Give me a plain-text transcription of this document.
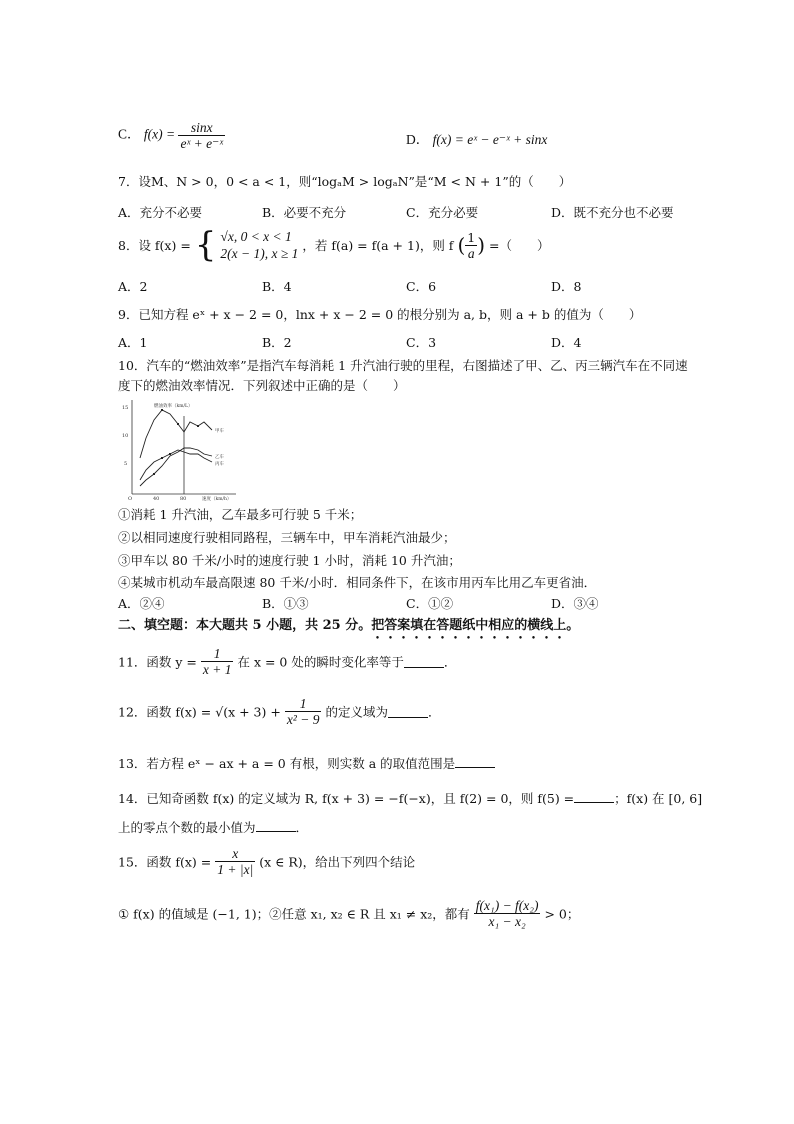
C． $f(x) = \frac{\sin x}{\text{eˣ + e⁻ˣ}}$	D． f(x) = eˣ − e⁻ˣ + sinx
7．设M、N > 0，0 < a < 1，则“logₐM > logₐN”是“M < N + 1”的（　　）
A．充分不必要	B．必要不充分	C．充分必要	D．既不充分也不必要
8．设 f(x) = { √x, 0 < x < 1
2(x − 1), x ≥ 1
，若 f(a) = f(a + 1)，则 f ( $\frac{1}{a}$ ) =（　　）
A．2	B．4	C．6	D．8
9．已知方程 eˣ + x − 2 = 0，lnx + x − 2 = 0 的根分别为 a, b，则 a + b 的值为（　　）
A．1	B．2	C．3	D．4
10．汽车的“燃油效率”是指汽车每消耗 1 升汽油行驶的里程，右图描述了甲、乙、丙三辆汽车在不同速
度下的燃油效率情况．下列叙述中正确的是（　　）
15
10
5
燃油效率（km/L）
O	40	80	速度（km/h）
甲车
乙车
丙车
①消耗 1 升汽油，乙车最多可行驶 5 千米；
②以相同速度行驶相同路程，三辆车中，甲车消耗汽油最少；
③甲车以 80 千米/小时的速度行驶 1 小时，消耗 10 升汽油；
④某城市机动车最高限速 80 千米/小时．相同条件下，在该市用丙车比用乙车更省油．
A．②④	B．①③	C．①②	D．③④
二、填空题：本大题共 5 小题，共 25 分。把答案填在答题纸中相应的横线上。
11．函数 $y = \frac{1}{x + 1}$ 在 x = 0 处的瞬时变化率等于	．
12．函数 $f(x) = √(x + 3) + \frac{1}{\text{x² − 9}}$ 的定义域为	．
13．若方程 eˣ − ax + a = 0 有根，则实数 a 的取值范围是
14．已知奇函数 f(x) 的定义域为 R, f(x + 3) = −f(−x)，且 f(2) = 0，则 f(5) =	；f(x) 在 [0, 6]
上的零点个数的最小值为	．
15．函数 $f(x) = \frac{x}{1 + |x|} (x$ ∈ R)，给出下列四个结论
① f(x) 的值域是 (−1, 1)；②任意 x₁, x₂ ∈ R 且 x₁ ≠ x₂，都有 $\frac{\text{f(x₁) − f(x₂)}}{\text{x₁ − x₂}} > 0$；
